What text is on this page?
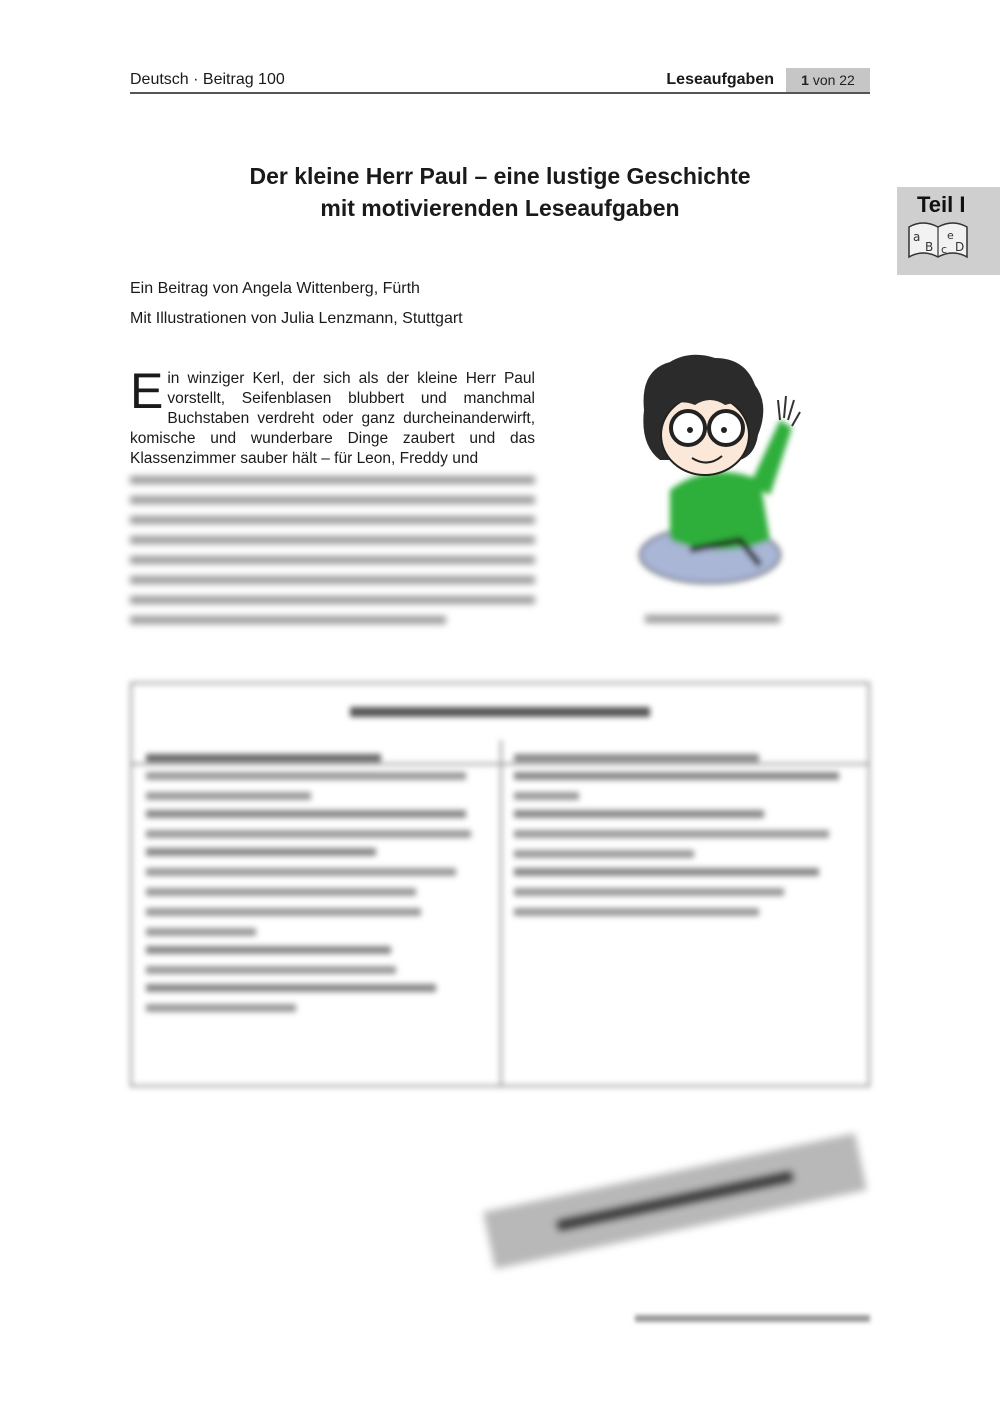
Deutsch · Beitrag 100	Leseaufgaben	1 von 22
Teil I
a
B
e
D
c
Der kleine Herr Paul – eine lustige Geschichte
mit motivierenden Leseaufgaben
Ein Beitrag von Angela Wittenberg, Fürth
Mit Illustrationen von Julia Lenzmann, Stuttgart
Ein winziger Kerl, der sich als der kleine Herr Paul vorstellt, Seifenblasen blubbert und manchmal Buchstaben verdreht oder ganz durcheinanderwirft, komische und wunderbare Dinge zaubert und das Klassenzimmer sauber hält – für Leon, Freddy und
